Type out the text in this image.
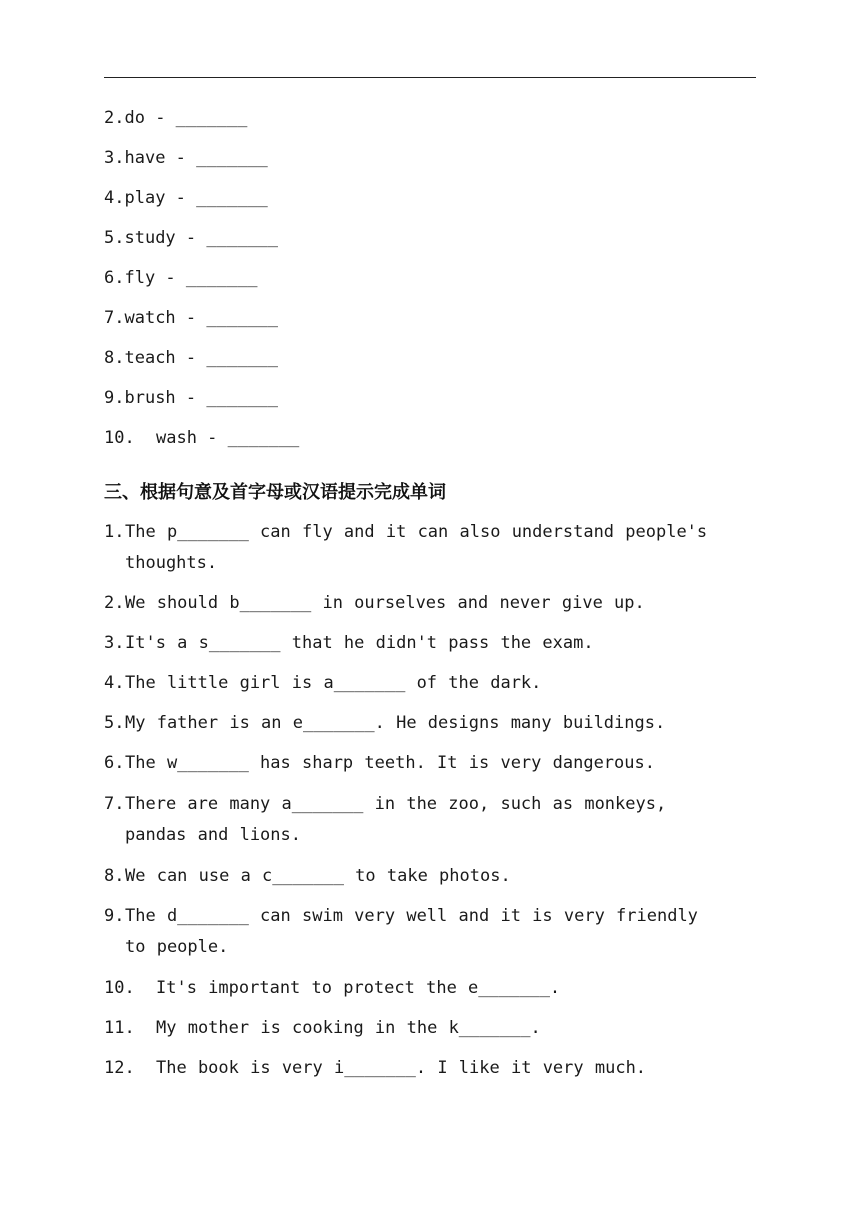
2.do - _______
3.have - _______
4.play - _______
5.study - _______
6.fly - _______
7.watch - _______
8.teach - _______
9.brush - _______
10. wash - _______
三、根据句意及首字母或汉语提示完成单词
1.The p_______ can fly and it can also understand people's thoughts.
2.We should b_______ in ourselves and never give up.
3.It's a s_______ that he didn't pass the exam.
4.The little girl is a_______ of the dark.
5.My father is an e_______. He designs many buildings.
6.The w_______ has sharp teeth. It is very dangerous.
7.There are many a_______ in the zoo, such as monkeys, pandas and lions.
8.We can use a c_______ to take photos.
9.The d_______ can swim very well and it is very friendly to people.
10. It's important to protect the e_______.
11. My mother is cooking in the k_______.
12. The book is very i_______. I like it very much.
